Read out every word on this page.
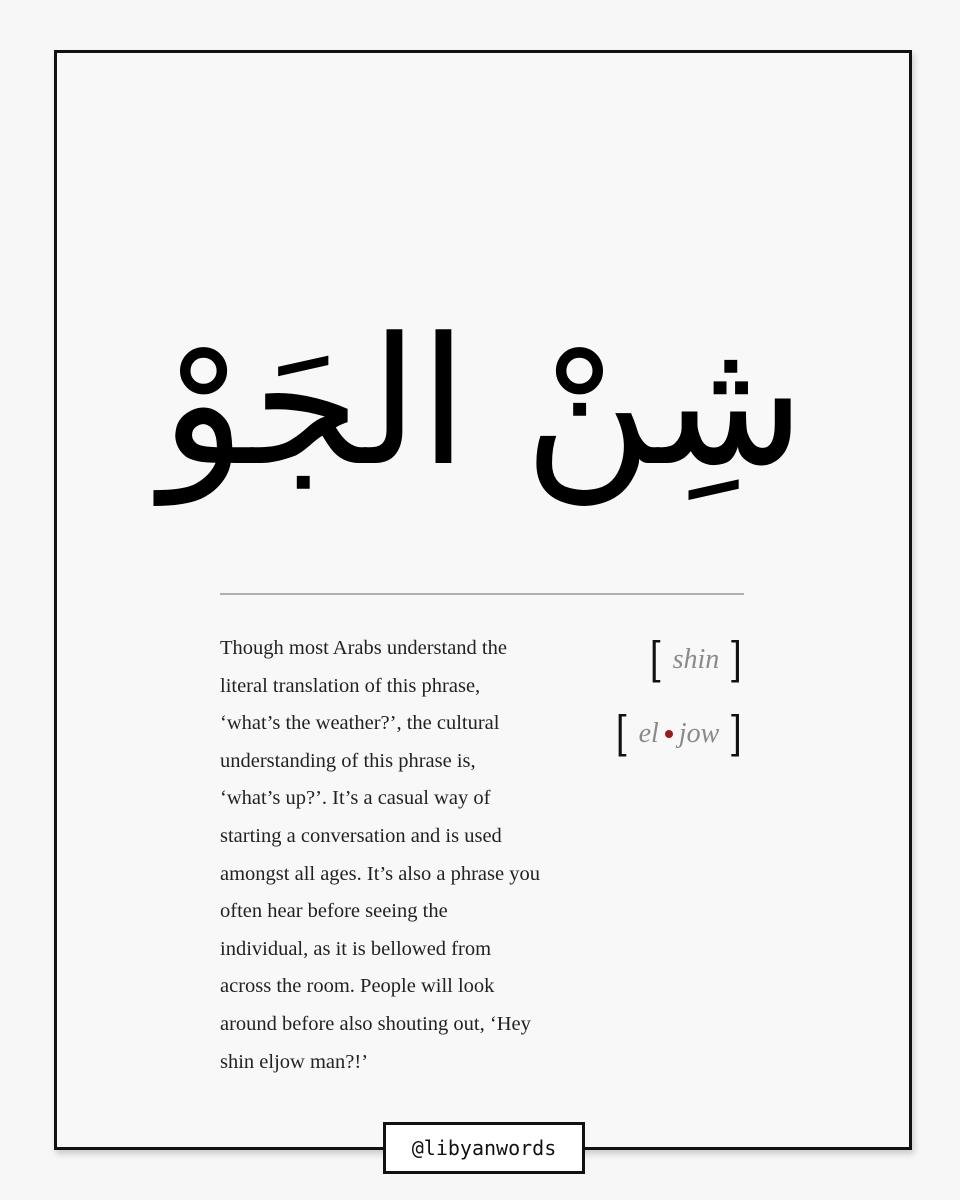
شِنْ الجَوْ

Though most Arabs understand the literal translation of this phrase, ‘what’s the weather?’, the cultural understanding of this phrase is, ‘what’s up?’. It’s a casual way of starting a conversation and is used amongst all ages. It’s also a phrase you often hear before seeing the individual, as it is bellowed from across the room. People will look around before also shouting out, ‘Hey shin eljow man?!’

[ shin ]
[ el jow ]
@libyanwords
